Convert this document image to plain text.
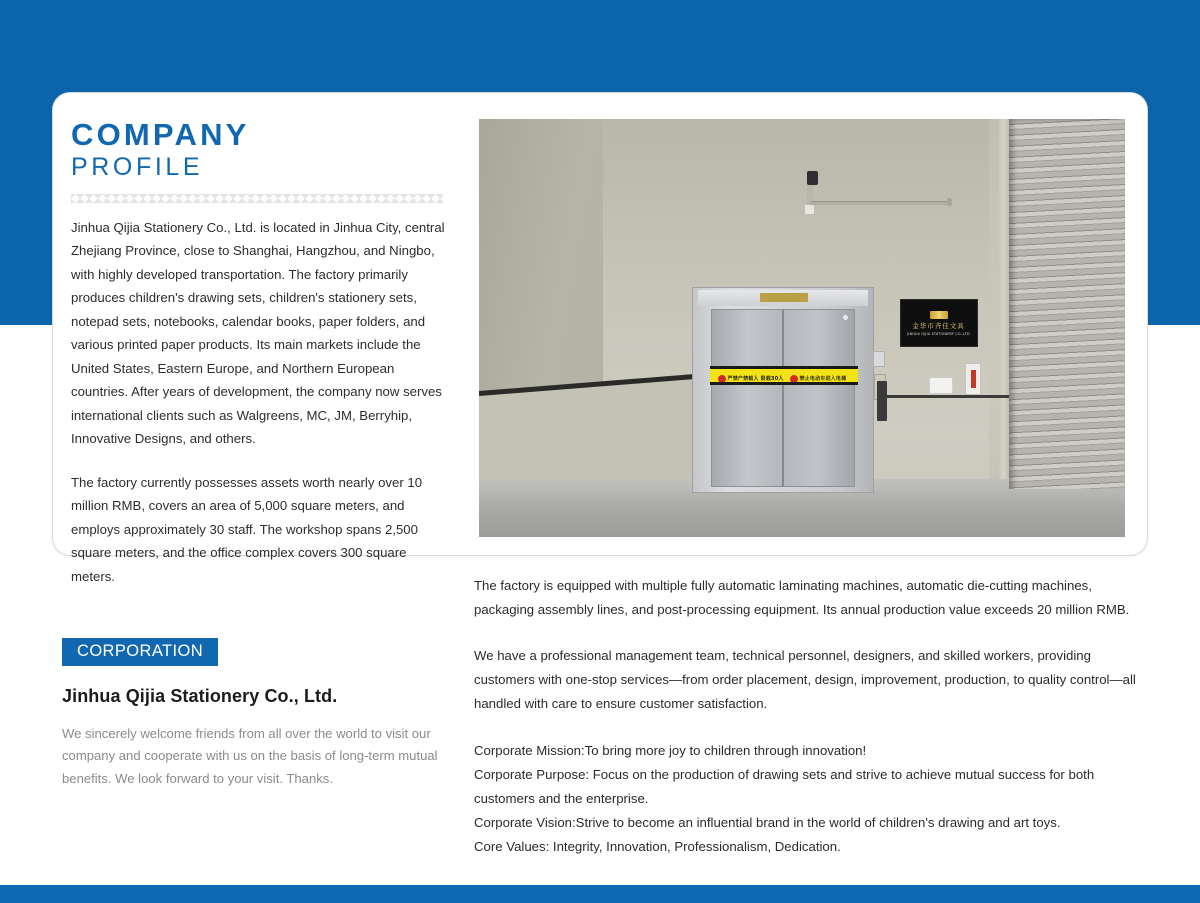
COMPANY
PROFILE

Jinhua Qijia Stationery Co., Ltd. is located in Jinhua City, central Zhejiang Province, close to Shanghai, Hangzhou, and Ningbo, with highly developed transportation. The factory primarily produces children's drawing sets, children's stationery sets, notepad sets, notebooks, calendar books, paper folders, and various printed paper products. Its main markets include the United States, Eastern Europe, and Northern European countries. After years of development, the company now serves international clients such as Walgreens, MC, JM, Berryhip, Innovative Designs, and others.

The factory currently possesses assets worth nearly over 10 million RMB, covers an area of 5,000 square meters, and employs approximately 30 staff. The workshop spans 2,500 square meters, and the office complex covers 300 square meters.

严禁产禁载人 限载30人	禁止电动车进入电梯
金华市齐佳文具
JINHUA QIJIA STATIONERY CO.,LTD
CORPORATION
Jinhua Qijia Stationery Co., Ltd.
We sincerely welcome friends from all over the world to visit our company and cooperate with us on the basis of long-term mutual benefits. We look forward to your visit. Thanks.

The factory is equipped with multiple fully automatic laminating machines, automatic die-cutting machines, packaging assembly lines, and post-processing equipment. Its annual production value exceeds 20 million RMB.

We have a professional management team, technical personnel, designers, and skilled workers, providing customers with one-stop services—from order placement, design, improvement, production, to quality control—all handled with care to ensure customer satisfaction.

Corporate Mission:To bring more joy to children through innovation!
Corporate Purpose: Focus on the production of drawing sets and strive to achieve mutual success for both customers and the enterprise.
Corporate Vision:Strive to become an influential brand in the world of children's drawing and art toys.
Core Values: Integrity, Innovation, Professionalism, Dedication.
